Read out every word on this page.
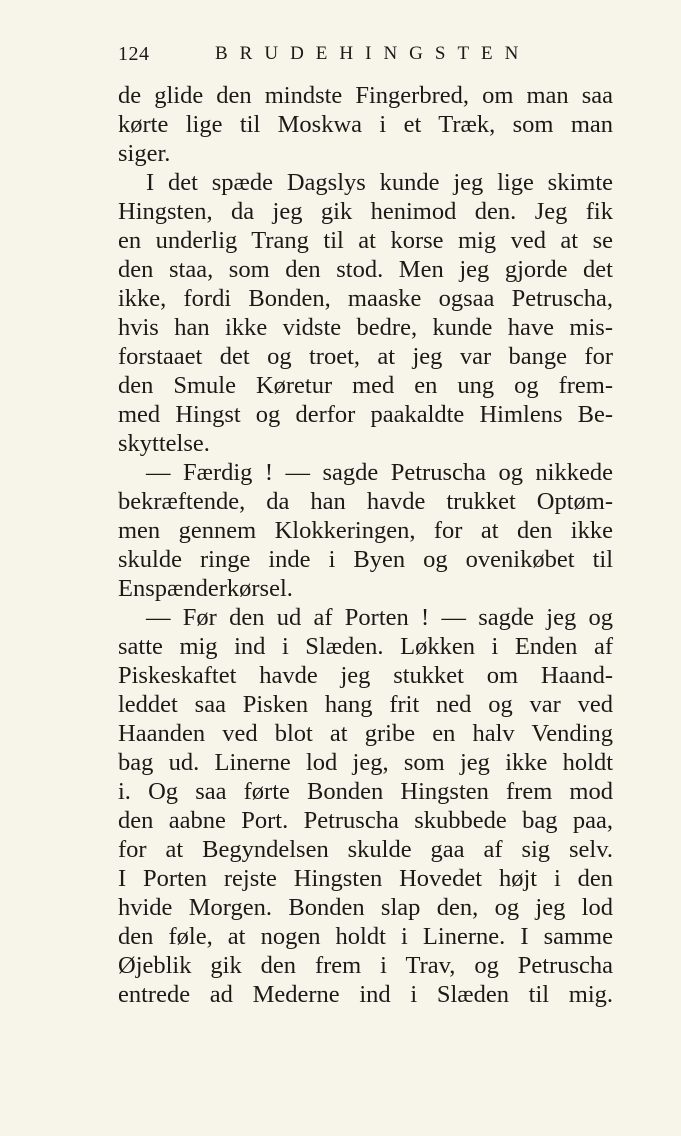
124	BRUDEHINGSTEN
de glide den mindste Fingerbred, om man saa
kørte lige til Moskwa i et Træk, som man
siger.
I det spæde Dagslys kunde jeg lige skimte
Hingsten, da jeg gik henimod den. Jeg fik
en underlig Trang til at korse mig ved at se
den staa, som den stod. Men jeg gjorde det
ikke, fordi Bonden, maaske ogsaa Petruscha,
hvis han ikke vidste bedre, kunde have mis-
forstaaet det og troet, at jeg var bange for
den Smule Køretur med en ung og frem-
med Hingst og derfor paakaldte Himlens Be-
skyttelse.
— Færdig ! — sagde Petruscha og nikkede
bekræftende, da han havde trukket Optøm-
men gennem Klokkeringen, for at den ikke
skulde ringe inde i Byen og ovenikøbet til
Enspænderkørsel.
— Før den ud af Porten ! — sagde jeg og
satte mig ind i Slæden. Løkken i Enden af
Piskeskaftet havde jeg stukket om Haand-
leddet saa Pisken hang frit ned og var ved
Haanden ved blot at gribe en halv Vending
bag ud. Linerne lod jeg, som jeg ikke holdt
i. Og saa førte Bonden Hingsten frem mod
den aabne Port. Petruscha skubbede bag paa,
for at Begyndelsen skulde gaa af sig selv.
I Porten rejste Hingsten Hovedet højt i den
hvide Morgen. Bonden slap den, og jeg lod
den føle, at nogen holdt i Linerne. I samme
Øjeblik gik den frem i Trav, og Petruscha
entrede ad Mederne ind i Slæden til mig.
